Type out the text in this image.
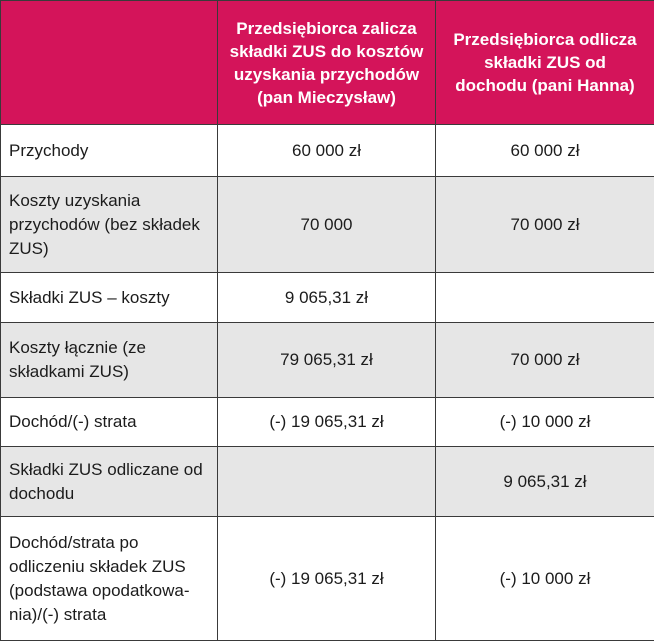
	Przedsiębiorca zalicza składki ZUS do kosztów uzyskania przychodów (pan Mieczysław)	Przedsiębiorca odlicza składki ZUS od dochodu (pani Hanna)
Przychody	60 000 zł	60 000 zł
Koszty uzyskania przychodów (bez składek ZUS)	70 000	70 000 zł
Składki ZUS – koszty	9 065,31 zł	
Koszty łącznie (ze składkami ZUS)	79 065,31 zł	70 000 zł
Dochód/(-) strata	(-) 19 065,31 zł	(-) 10 000 zł
Składki ZUS odliczane od dochodu		9 065,31 zł
Dochód/strata po odliczeniu składek ZUS (podstawa opodatkowa-nia)/(-) strata	(-) 19 065,31 zł	(-) 10 000 zł
